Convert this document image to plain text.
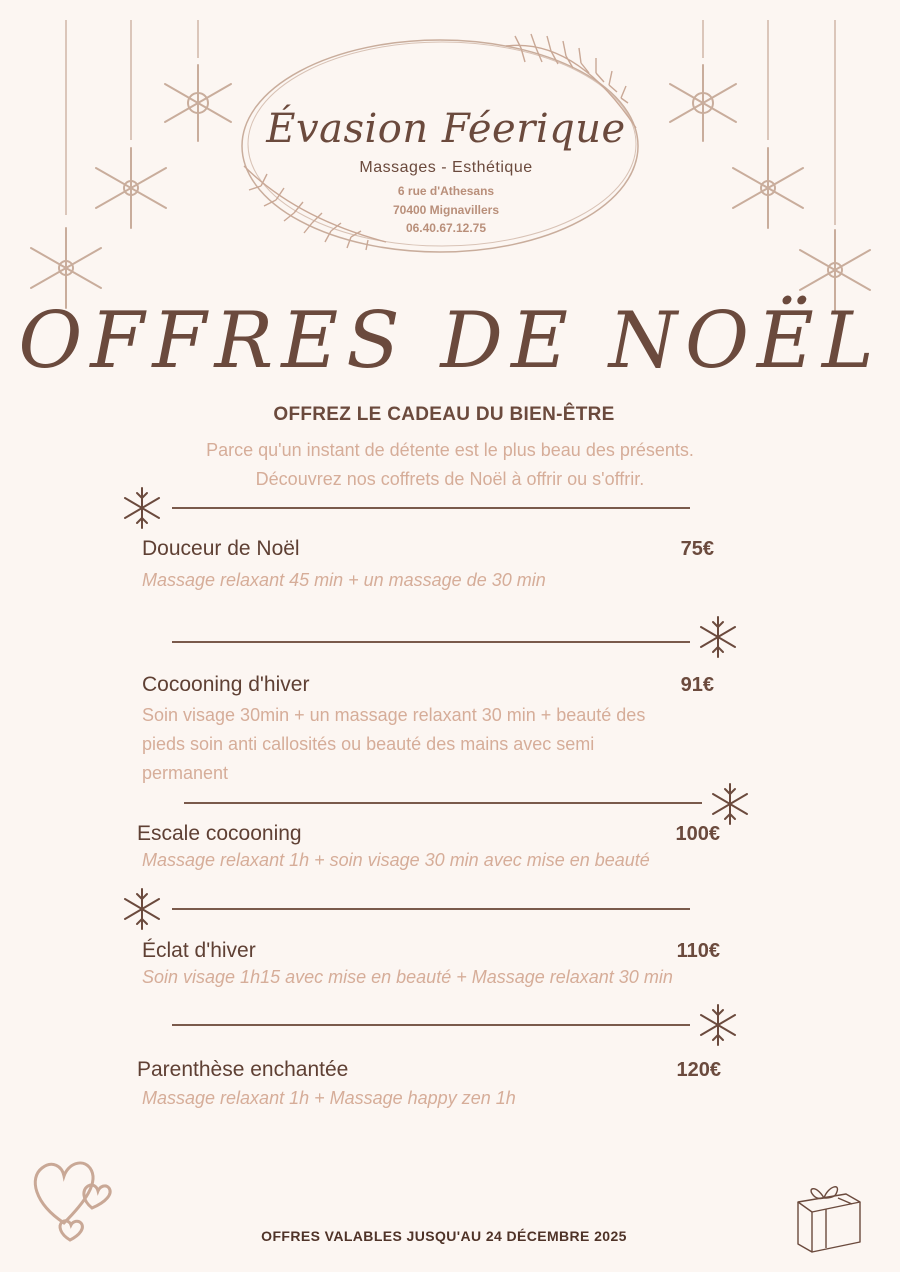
Évasion Féerique
Massages - Esthétique
6 rue d'Athesans
70400 Mignavillers
06.40.67.12.75
OFFRES DE NOËL
OFFREZ LE CADEAU DU BIEN-ÊTRE
Parce qu'un instant de détente est le plus beau des présents.
Découvrez nos coffrets de Noël à offrir ou s'offrir.
Douceur de Noël	75€
Massage relaxant 45 min + un massage de 30 min
Cocooning d'hiver	91€
Soin visage 30min + un massage relaxant 30 min + beauté des
pieds soin anti callosités ou beauté des mains avec semi
permanent
Escale cocooning	100€
Massage relaxant 1h + soin visage 30 min avec mise en beauté
Éclat d'hiver	110€
Soin visage 1h15 avec mise en beauté + Massage relaxant 30 min
Parenthèse enchantée	120€
Massage relaxant 1h + Massage happy zen 1h
OFFRES VALABLES JUSQU'AU 24 DÉCEMBRE 2025
